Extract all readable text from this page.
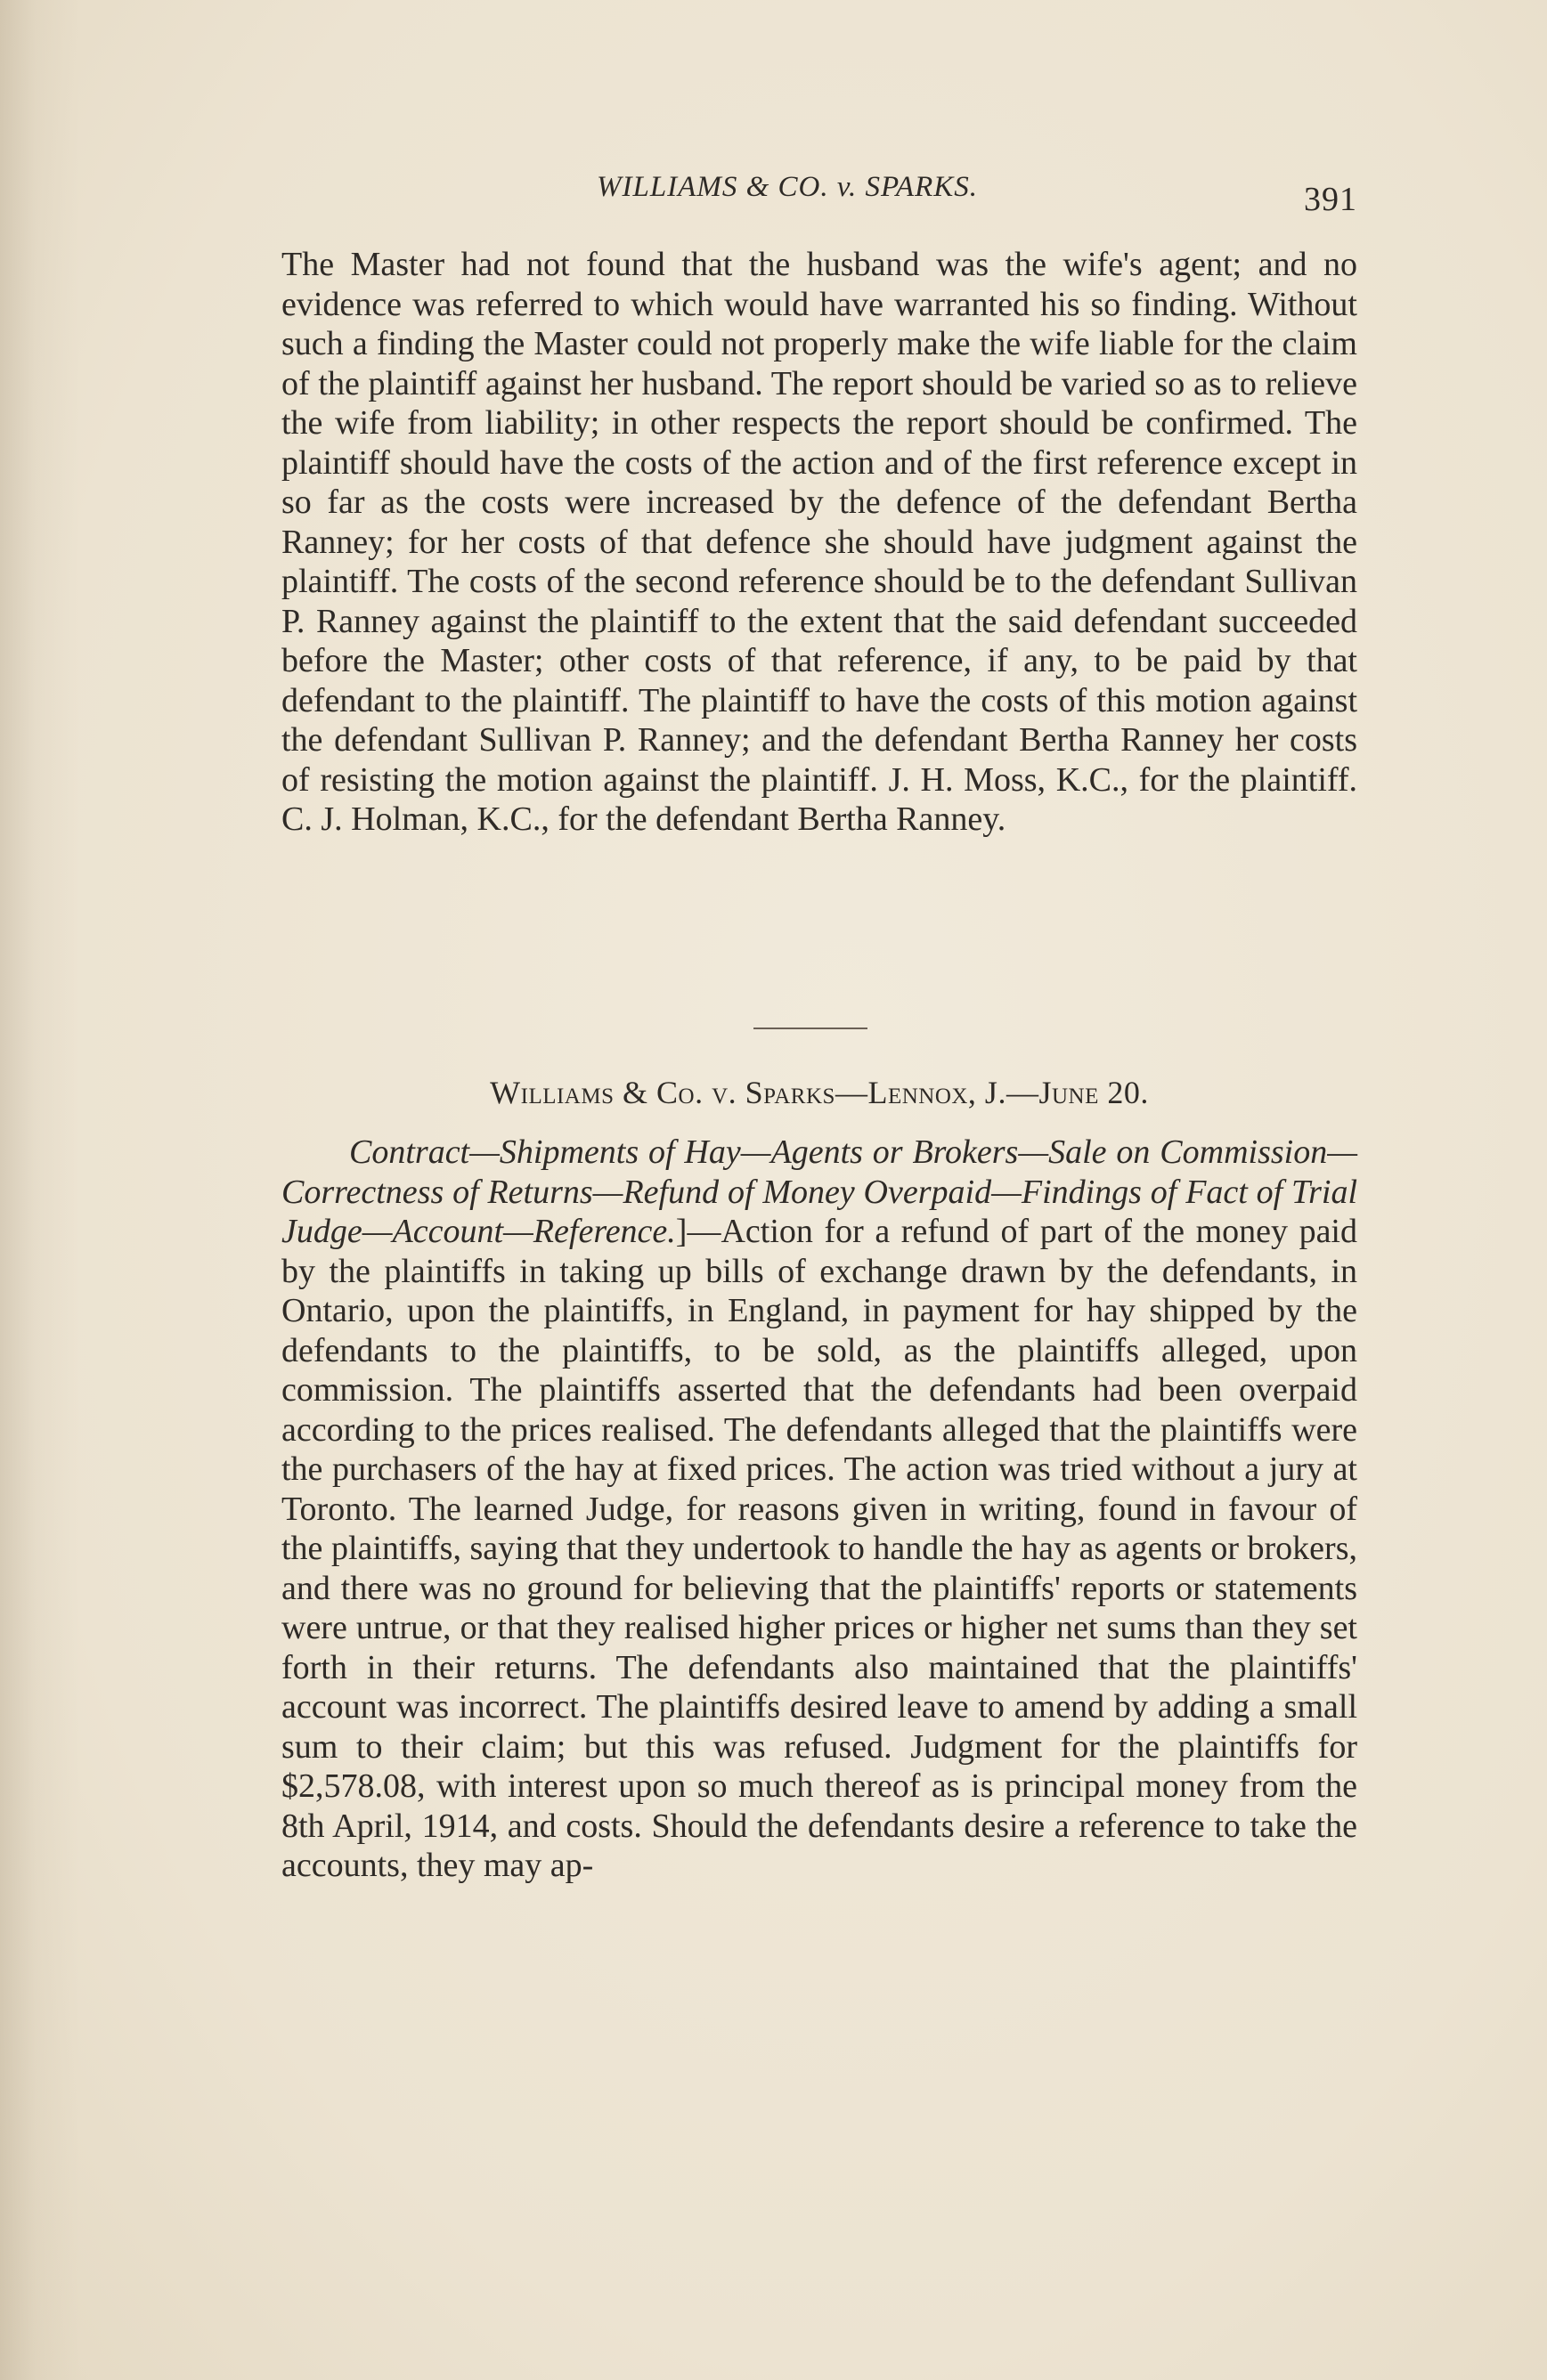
WILLIAMS & CO. v. SPARKS.	391
The Master had not found that the husband was the wife's agent; and no evidence was referred to which would have warranted his so finding. Without such a finding the Master could not properly make the wife liable for the claim of the plaintiff against her husband. The report should be varied so as to relieve the wife from liability; in other respects the report should be confirmed. The plaintiff should have the costs of the action and of the first reference except in so far as the costs were increased by the defence of the defendant Bertha Ranney; for her costs of that defence she should have judgment against the plaintiff. The costs of the second reference should be to the defendant Sullivan P. Ranney against the plaintiff to the extent that the said defendant succeeded before the Master; other costs of that reference, if any, to be paid by that defendant to the plaintiff. The plaintiff to have the costs of this motion against the defendant Sullivan P. Ranney; and the defendant Bertha Ranney her costs of resisting the motion against the plaintiff. J. H. Moss, K.C., for the plaintiff. C. J. Holman, K.C., for the defendant Bertha Ranney.
Williams & Co. v. Sparks—Lennox, J.—June 20.
Contract—Shipments of Hay—Agents or Brokers—Sale on Commission—Correctness of Returns—Refund of Money Overpaid—Findings of Fact of Trial Judge—Account—Reference.]—Action for a refund of part of the money paid by the plaintiffs in taking up bills of exchange drawn by the defendants, in Ontario, upon the plaintiffs, in England, in payment for hay shipped by the defendants to the plaintiffs, to be sold, as the plaintiffs alleged, upon commission. The plaintiffs asserted that the defendants had been overpaid according to the prices realised. The defendants alleged that the plaintiffs were the purchasers of the hay at fixed prices. The action was tried without a jury at Toronto. The learned Judge, for reasons given in writing, found in favour of the plaintiffs, saying that they undertook to handle the hay as agents or brokers, and there was no ground for believing that the plaintiffs' reports or statements were untrue, or that they realised higher prices or higher net sums than they set forth in their returns. The defendants also maintained that the plaintiffs' account was incorrect. The plaintiffs desired leave to amend by adding a small sum to their claim; but this was refused. Judgment for the plaintiffs for $2,578.08, with interest upon so much thereof as is principal money from the 8th April, 1914, and costs. Should the defendants desire a reference to take the accounts, they may ap-
